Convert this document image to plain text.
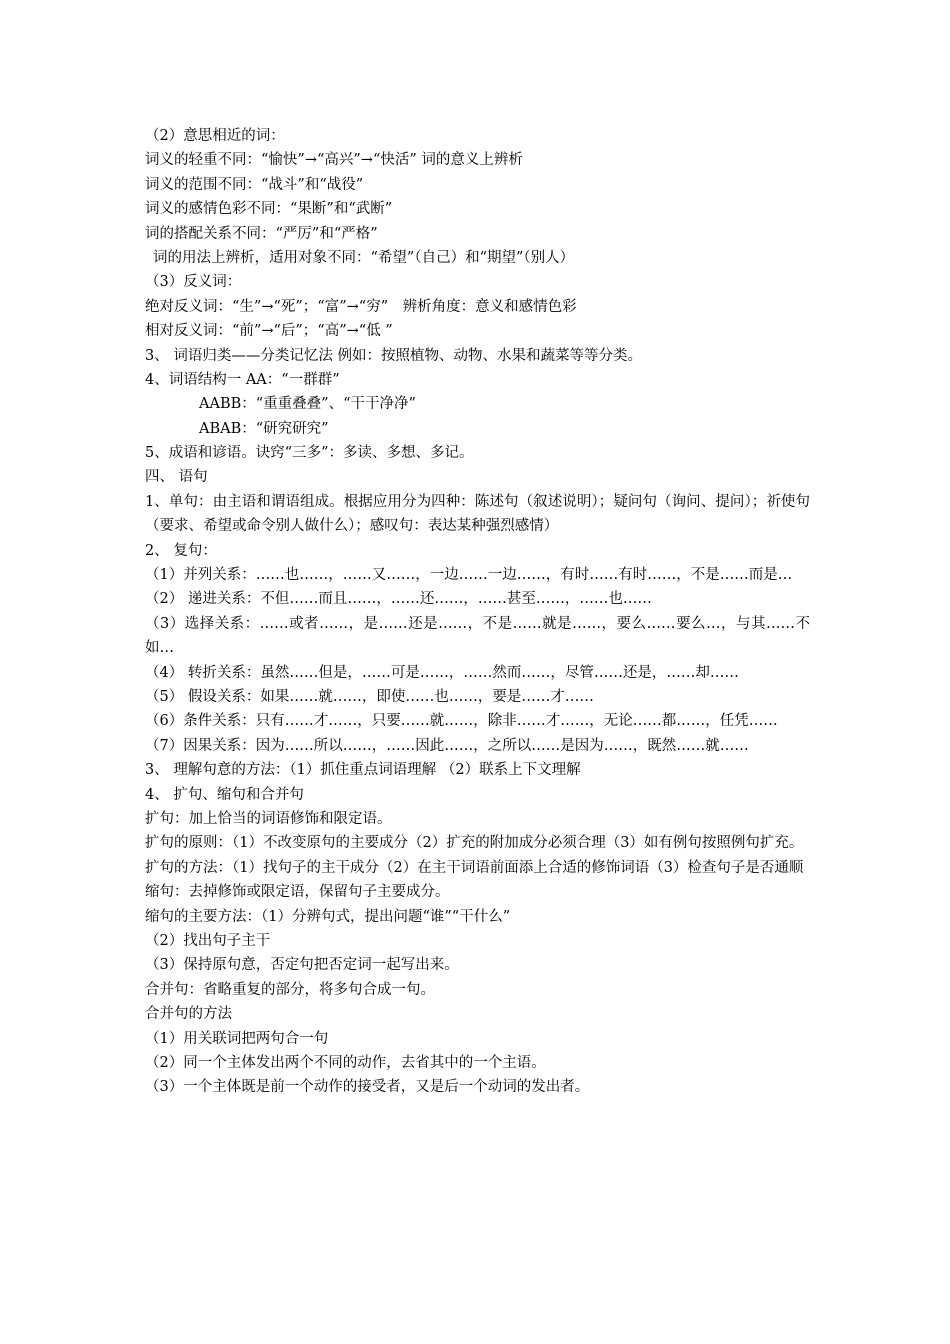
（2）意思相近的词：
词义的轻重不同：“愉快”→“高兴”→“快活” 词的意义上辨析
词义的范围不同：“战斗”和“战役”
词义的感情色彩不同：“果断”和“武断”
词的搭配关系不同：“严厉”和“严格”
词的用法上辨析，适用对象不同：“希望”（自己）和“期望”（别人）
（3）反义词：
绝对反义词：“生”→“死”；“富”→“穷”　辨析角度：意义和感情色彩
相对反义词：“前”→“后”；“高”→“低 ”
3、 词语归类——分类记忆法 例如：按照植物、动物、水果和蔬菜等等分类。
4、词语结构一 AA：“一群群”
AABB：“重重叠叠”、“干干净净”
ABAB：“研究研究”
5、成语和谚语。诀窍“三多”：多读、多想、多记。
四、 语句
1、单句：由主语和谓语组成。根据应用分为四种：陈述句（叙述说明）；疑问句（询问、提问）；祈使句（要求、希望或命令别人做什么）；感叹句：表达某种强烈感情）
2、 复句：
（1）并列关系：……也……，……又……，一边……一边……，有时……有时……，不是……而是…
（2） 递进关系：不但……而且……，……还……，……甚至……，……也……
（3）选择关系：……或者……，是……还是……，不是……就是……，要么……要么…，与其……不如…
（4） 转折关系：虽然……但是，……可是……，……然而……，尽管……还是，……却……
（5） 假设关系：如果……就……，即使……也……，要是……才……
（6）条件关系：只有……才……，只要……就……，除非……才……，无论……都……，任凭……
（7）因果关系：因为……所以……，……因此……，之所以……是因为……，既然……就……
3、 理解句意的方法：（1）抓住重点词语理解 （2）联系上下文理解
4、 扩句、缩句和合并句
扩句：加上恰当的词语修饰和限定语。
扩句的原则：（1）不改变原句的主要成分（2）扩充的附加成分必须合理（3）如有例句按照例句扩充。
扩句的方法：（1）找句子的主干成分（2）在主干词语前面添上合适的修饰词语（3）检查句子是否通顺
缩句：去掉修饰或限定语，保留句子主要成分。
缩句的主要方法：（1）分辨句式，提出问题“谁”“干什么”
（2）找出句子主干
（3）保持原句意，否定句把否定词一起写出来。
合并句：省略重复的部分，将多句合成一句。
合并句的方法
（1）用关联词把两句合一句
（2）同一个主体发出两个不同的动作，去省其中的一个主语。
（3）一个主体既是前一个动作的接受者，又是后一个动词的发出者。
